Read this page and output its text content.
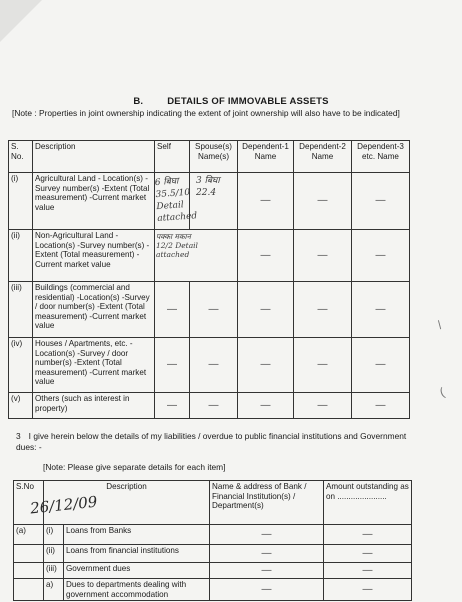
B.	DETAILS OF IMMOVABLE ASSETS
[Note : Properties in joint ownership indicating the extent of joint ownership will also have to be indicated]
S. No.	Description	Self	Spouse(s) Name(s)	Dependent-1 Name	Dependent-2 Name	Dependent-3 etc. Name
(i)	Agricultural Land - Location(s) -Survey number(s) -Extent (Total measurement) -Current market value	6 बिघा 35.5/10 Detail attached	3 बिघा 22.4	—	—	—
(ii)	Non-Agricultural Land - Location(s) -Survey number(s) -Extent (Total measurement) -Current market value	पक्का मकान 12/2 Detail attached		—	—	—
(iii)	Buildings (commercial and residential) -Location(s) -Survey / door number(s) -Extent (Total measurement) -Current market value	—	—	—	—	—
(iv)	Houses / Apartments, etc. -Location(s) -Survey / door number(s) -Extent (Total measurement) -Current market value	—	—	—	—	—
(v)	Others (such as interest in property)	—	—	—	—	—
3 I give herein below the details of my liabilities / overdue to public financial institutions and Government dues: -
[Note: Please give separate details for each item]
S.No	Description		Name & address of Bank / Financial Institution(s) / Department(s)	Amount outstanding as on ......................
(a)	(i)	Loans from Banks	—	—
	(ii)	Loans from financial institutions	—	—
	(iii)	Government dues	—	—
	a)	Dues to departments dealing with government accommodation	—	—
26/12/09
/
(
